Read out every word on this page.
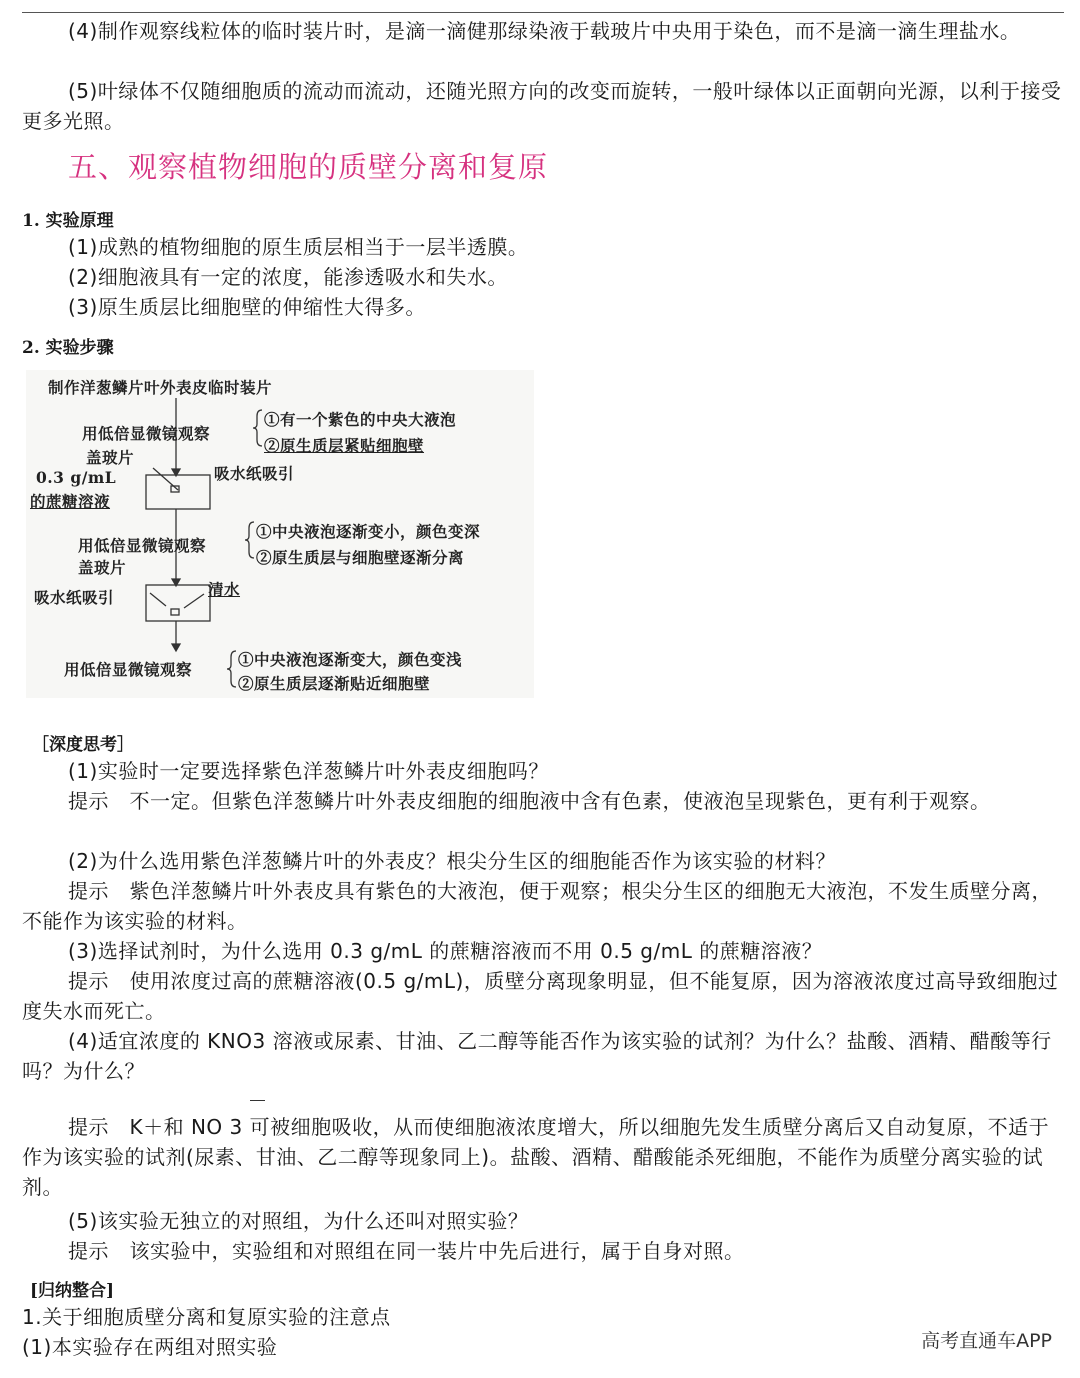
(4)制作观察线粒体的临时装片时，是滴一滴健那绿染液于载玻片中央用于染色，而不是滴一滴生理盐水。

(5)叶绿体不仅随细胞质的流动而流动，还随光照方向的改变而旋转，一般叶绿体以正面朝向光源，以利于接受更多光照。

五、观察植物细胞的质壁分离和复原
1. 实验原理

(1)成熟的植物细胞的原生质层相当于一层半透膜。

(2)细胞液具有一定的浓度，能渗透吸水和失水。

(3)原生质层比细胞壁的伸缩性大得多。

2. 实验步骤
制作洋葱鳞片叶外表皮临时装片
用低倍显微镜观察
①有一个紫色的中央大液泡
②原生质层紧贴细胞壁
盖玻片
0.3 g/mL
的蔗糖溶液
吸水纸吸引
用低倍显微镜观察
①中央液泡逐渐变小，颜色变深
②原生质层与细胞壁逐渐分离
盖玻片
吸水纸吸引	清水
用低倍显微镜观察
①中央液泡逐渐变大，颜色变浅
②原生质层逐渐贴近细胞壁
［深度思考］

(1)实验时一定要选择紫色洋葱鳞片叶外表皮细胞吗？

提示　不一定。但紫色洋葱鳞片叶外表皮细胞的细胞液中含有色素，使液泡呈现紫色，更有利于观察。

(2)为什么选用紫色洋葱鳞片叶的外表皮？根尖分生区的细胞能否作为该实验的材料？

提示　紫色洋葱鳞片叶外表皮具有紫色的大液泡，便于观察；根尖分生区的细胞无大液泡，不发生质壁分离，不能作为该实验的材料。

(3)选择试剂时，为什么选用 0.3 g/mL 的蔗糖溶液而不用 0.5 g/mL 的蔗糖溶液？

提示　使用浓度过高的蔗糖溶液(0.5 g/mL)，质壁分离现象明显，但不能复原，因为溶液浓度过高导致细胞过度失水而死亡。

(4)适宜浓度的 KNO3 溶液或尿素、甘油、乙二醇等能否作为该实验的试剂？为什么？盐酸、酒精、醋酸等行吗？为什么？

提示　K＋和 NO 3 可被细胞吸收，从而使细胞液浓度增大，所以细胞先发生质壁分离后又自动复原，不适于作为该实验的试剂(尿素、甘油、乙二醇等现象同上)。盐酸、酒精、醋酸能杀死细胞，不能作为质壁分离实验的试剂。

(5)该实验无独立的对照组，为什么还叫对照实验？

提示　该实验中，实验组和对照组在同一装片中先后进行，属于自身对照。

[归纳整合]

1.关于细胞质壁分离和复原实验的注意点

(1)本实验存在两组对照实验	高考直通车APP
